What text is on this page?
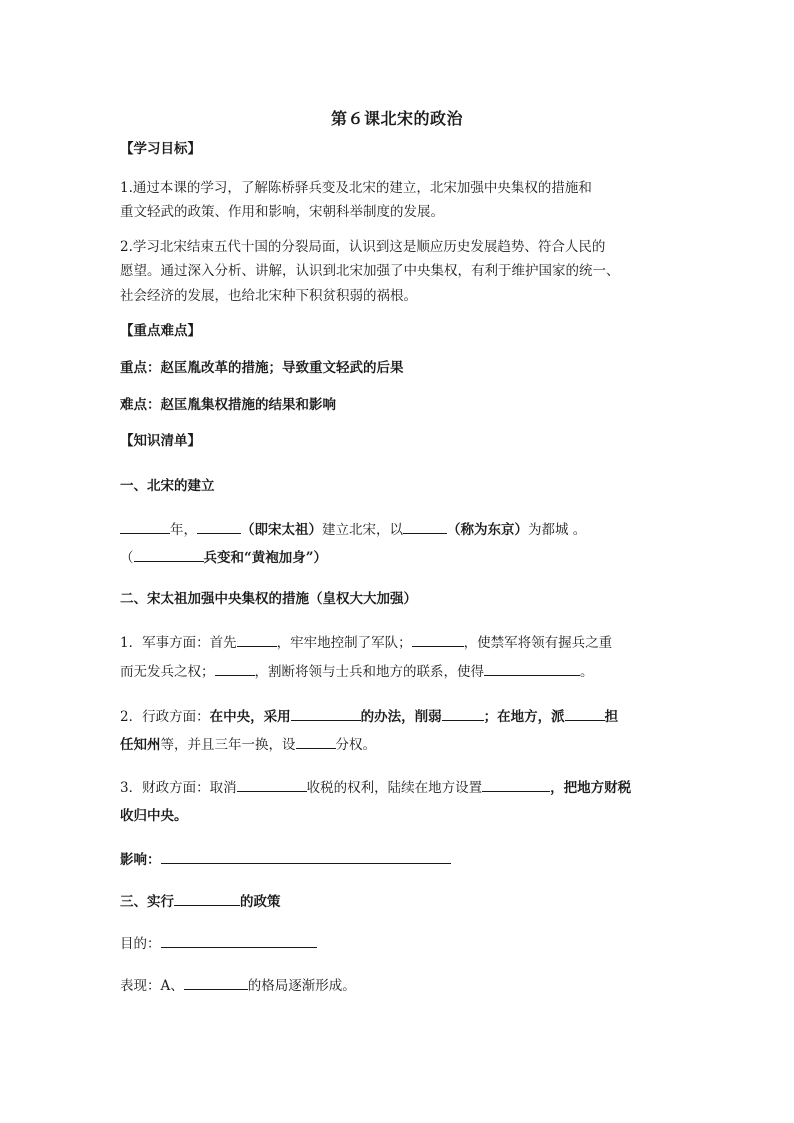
第６课北宋的政治
【学习目标】
1.通过本课的学习，了解陈桥驿兵变及北宋的建立，北宋加强中央集权的措施和
重文轻武的政策、作用和影响，宋朝科举制度的发展。
2.学习北宋结束五代十国的分裂局面，认识到这是顺应历史发展趋势、符合人民的
愿望。通过深入分析、讲解，认识到北宋加强了中央集权，有利于维护国家的统一、
社会经济的发展，也给北宋种下积贫积弱的祸根。
【重点难点】
重点：赵匡胤改革的措施；导致重文轻武的后果
难点：赵匡胤集权措施的结果和影响
【知识清单】
一、北宋的建立
年，	（即宋太祖）建立北宋，以	（称为东京）为都城 。
（	兵变和“黄袍加身”）
二、宋太祖加强中央集权的措施（皇权大大加强）
1．军事方面：首先	，牢牢地控制了军队；	，使禁军将领有握兵之重
而无发兵之权；	，割断将领与士兵和地方的联系，使得	。
2．行政方面：在中央，采用	的办法，削弱	；在地方，派	担
任知州等，并且三年一换，设	分权。
3．财政方面：取消	收税的权利，陆续在地方设置	，把地方财税
收归中央。
影响：
三、实行	的政策
目的：
表现：A、	的格局逐渐形成。
